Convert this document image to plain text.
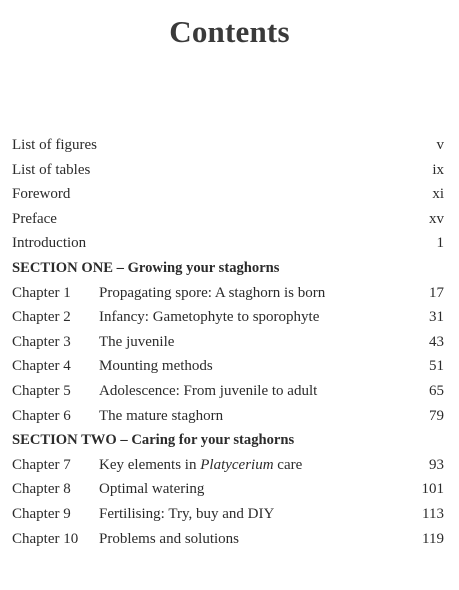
Contents
List of figures	v
List of tables	ix
Foreword	xi
Preface	xv
Introduction	1
SECTION ONE – Growing your staghorns
Chapter 1 Propagating spore: A staghorn is born	17
Chapter 2 Infancy: Gametophyte to sporophyte	31
Chapter 3 The juvenile	43
Chapter 4 Mounting methods	51
Chapter 5 Adolescence: From juvenile to adult	65
Chapter 6 The mature staghorn	79
SECTION TWO – Caring for your staghorns
Chapter 7 Key elements in Platycerium care	93
Chapter 8 Optimal watering	101
Chapter 9 Fertilising: Try, buy and DIY	113
Chapter 10 Problems and solutions	119
